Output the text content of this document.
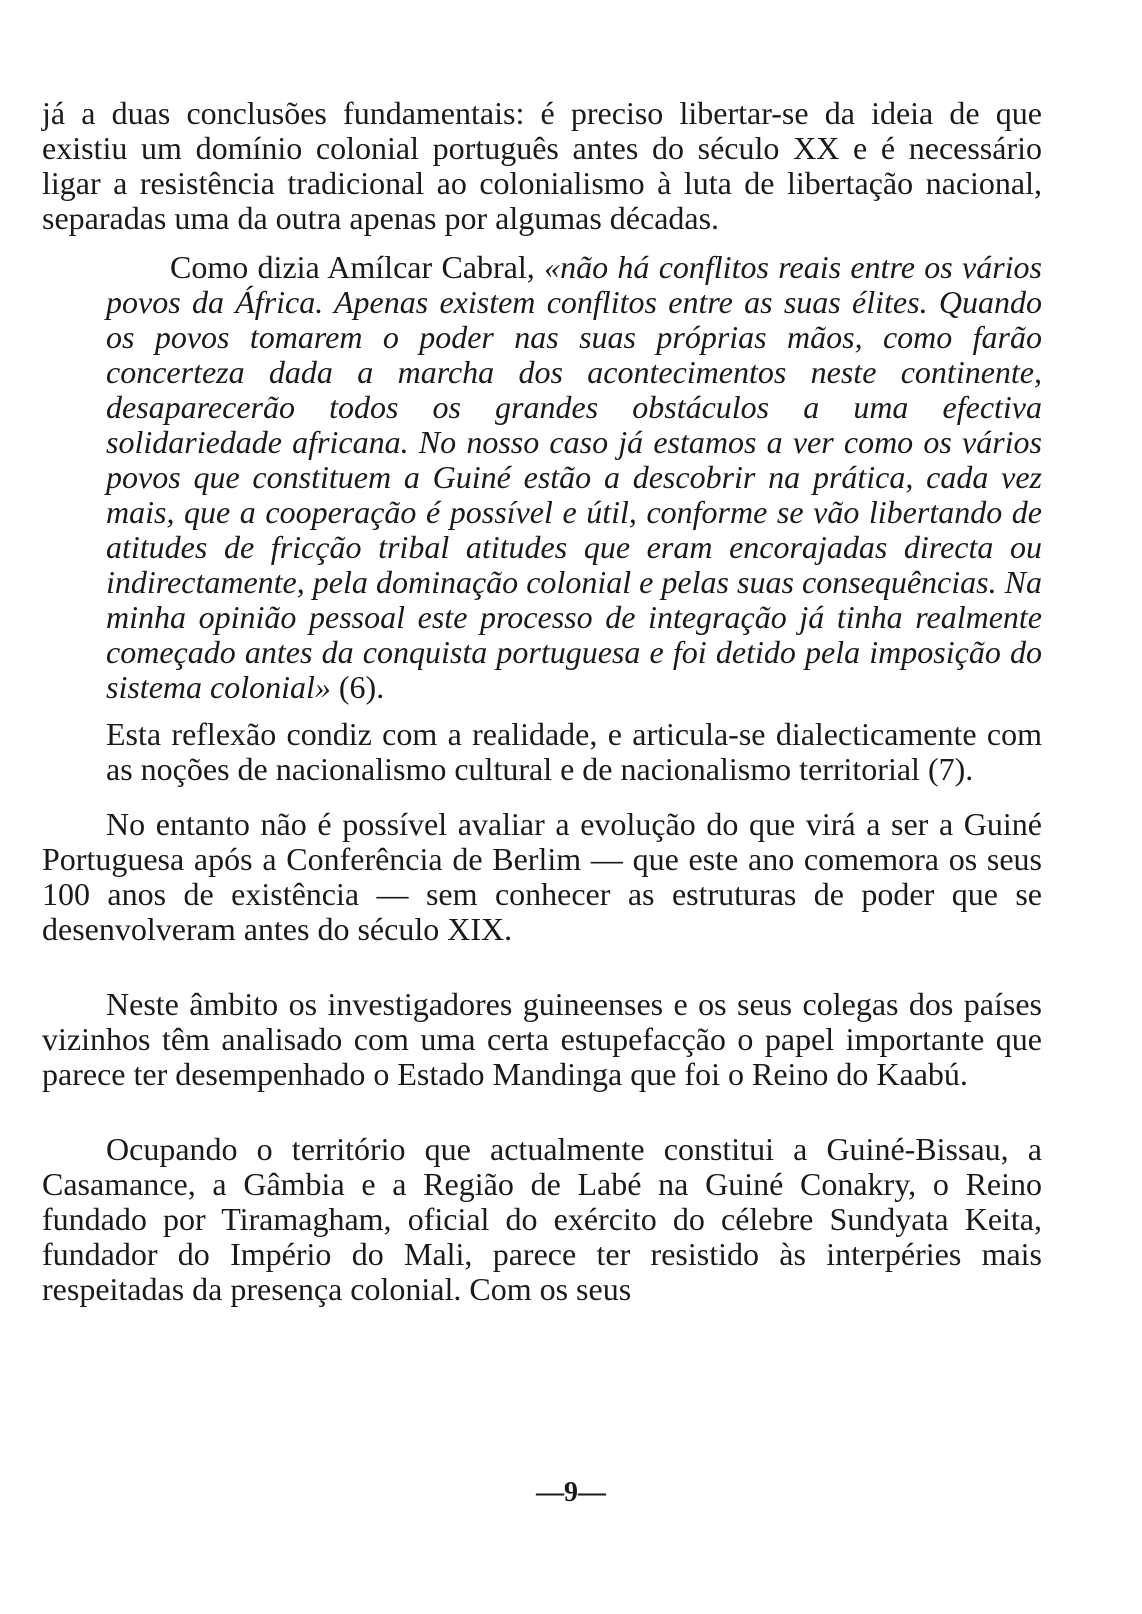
já a duas conclusões fundamentais: é preciso libertar-se da ideia de que existiu um domínio colonial português antes do século XX e é necessário ligar a resistência tradicional ao colonialismo à luta de libertação nacional, separadas uma da outra apenas por algumas décadas.

Como dizia Amílcar Cabral, «não há conflitos reais entre os vários povos da África. Apenas existem conflitos entre as suas élites. Quando os povos tomarem o poder nas suas próprias mãos, como farão concerteza dada a marcha dos acontecimentos neste continente, desaparecerão todos os grandes obstáculos a uma efectiva solidariedade africana. No nosso caso já estamos a ver como os vários povos que constituem a Guiné estão a descobrir na prática, cada vez mais, que a cooperação é possível e útil, conforme se vão libertando de atitudes de fricção tribal atitudes que eram encorajadas directa ou indirectamente, pela dominação colonial e pelas suas consequências. Na minha opinião pessoal este processo de integração já tinha realmente começado antes da conquista portuguesa e foi detido pela imposição do sistema colonial» (6).

Esta reflexão condiz com a realidade, e articula-se dialecticamente com as noções de nacionalismo cultural e de nacionalismo territorial (7).

No entanto não é possível avaliar a evolução do que virá a ser a Guiné Portuguesa após a Conferência de Berlim — que este ano comemora os seus 100 anos de existência — sem conhecer as estruturas de poder que se desenvolveram antes do século XIX.

Neste âmbito os investigadores guineenses e os seus colegas dos países vizinhos têm analisado com uma certa estupefacção o papel importante que parece ter desempenhado o Estado Mandinga que foi o Reino do Kaabú.

Ocupando o território que actualmente constitui a Guiné-Bissau, a Casamance, a Gâmbia e a Região de Labé na Guiné Conakry, o Reino fundado por Tiramagham, oficial do exército do célebre Sundyata Keita, fundador do Império do Mali, parece ter resistido às interpéries mais respeitadas da presença colonial. Com os seus

—9—
